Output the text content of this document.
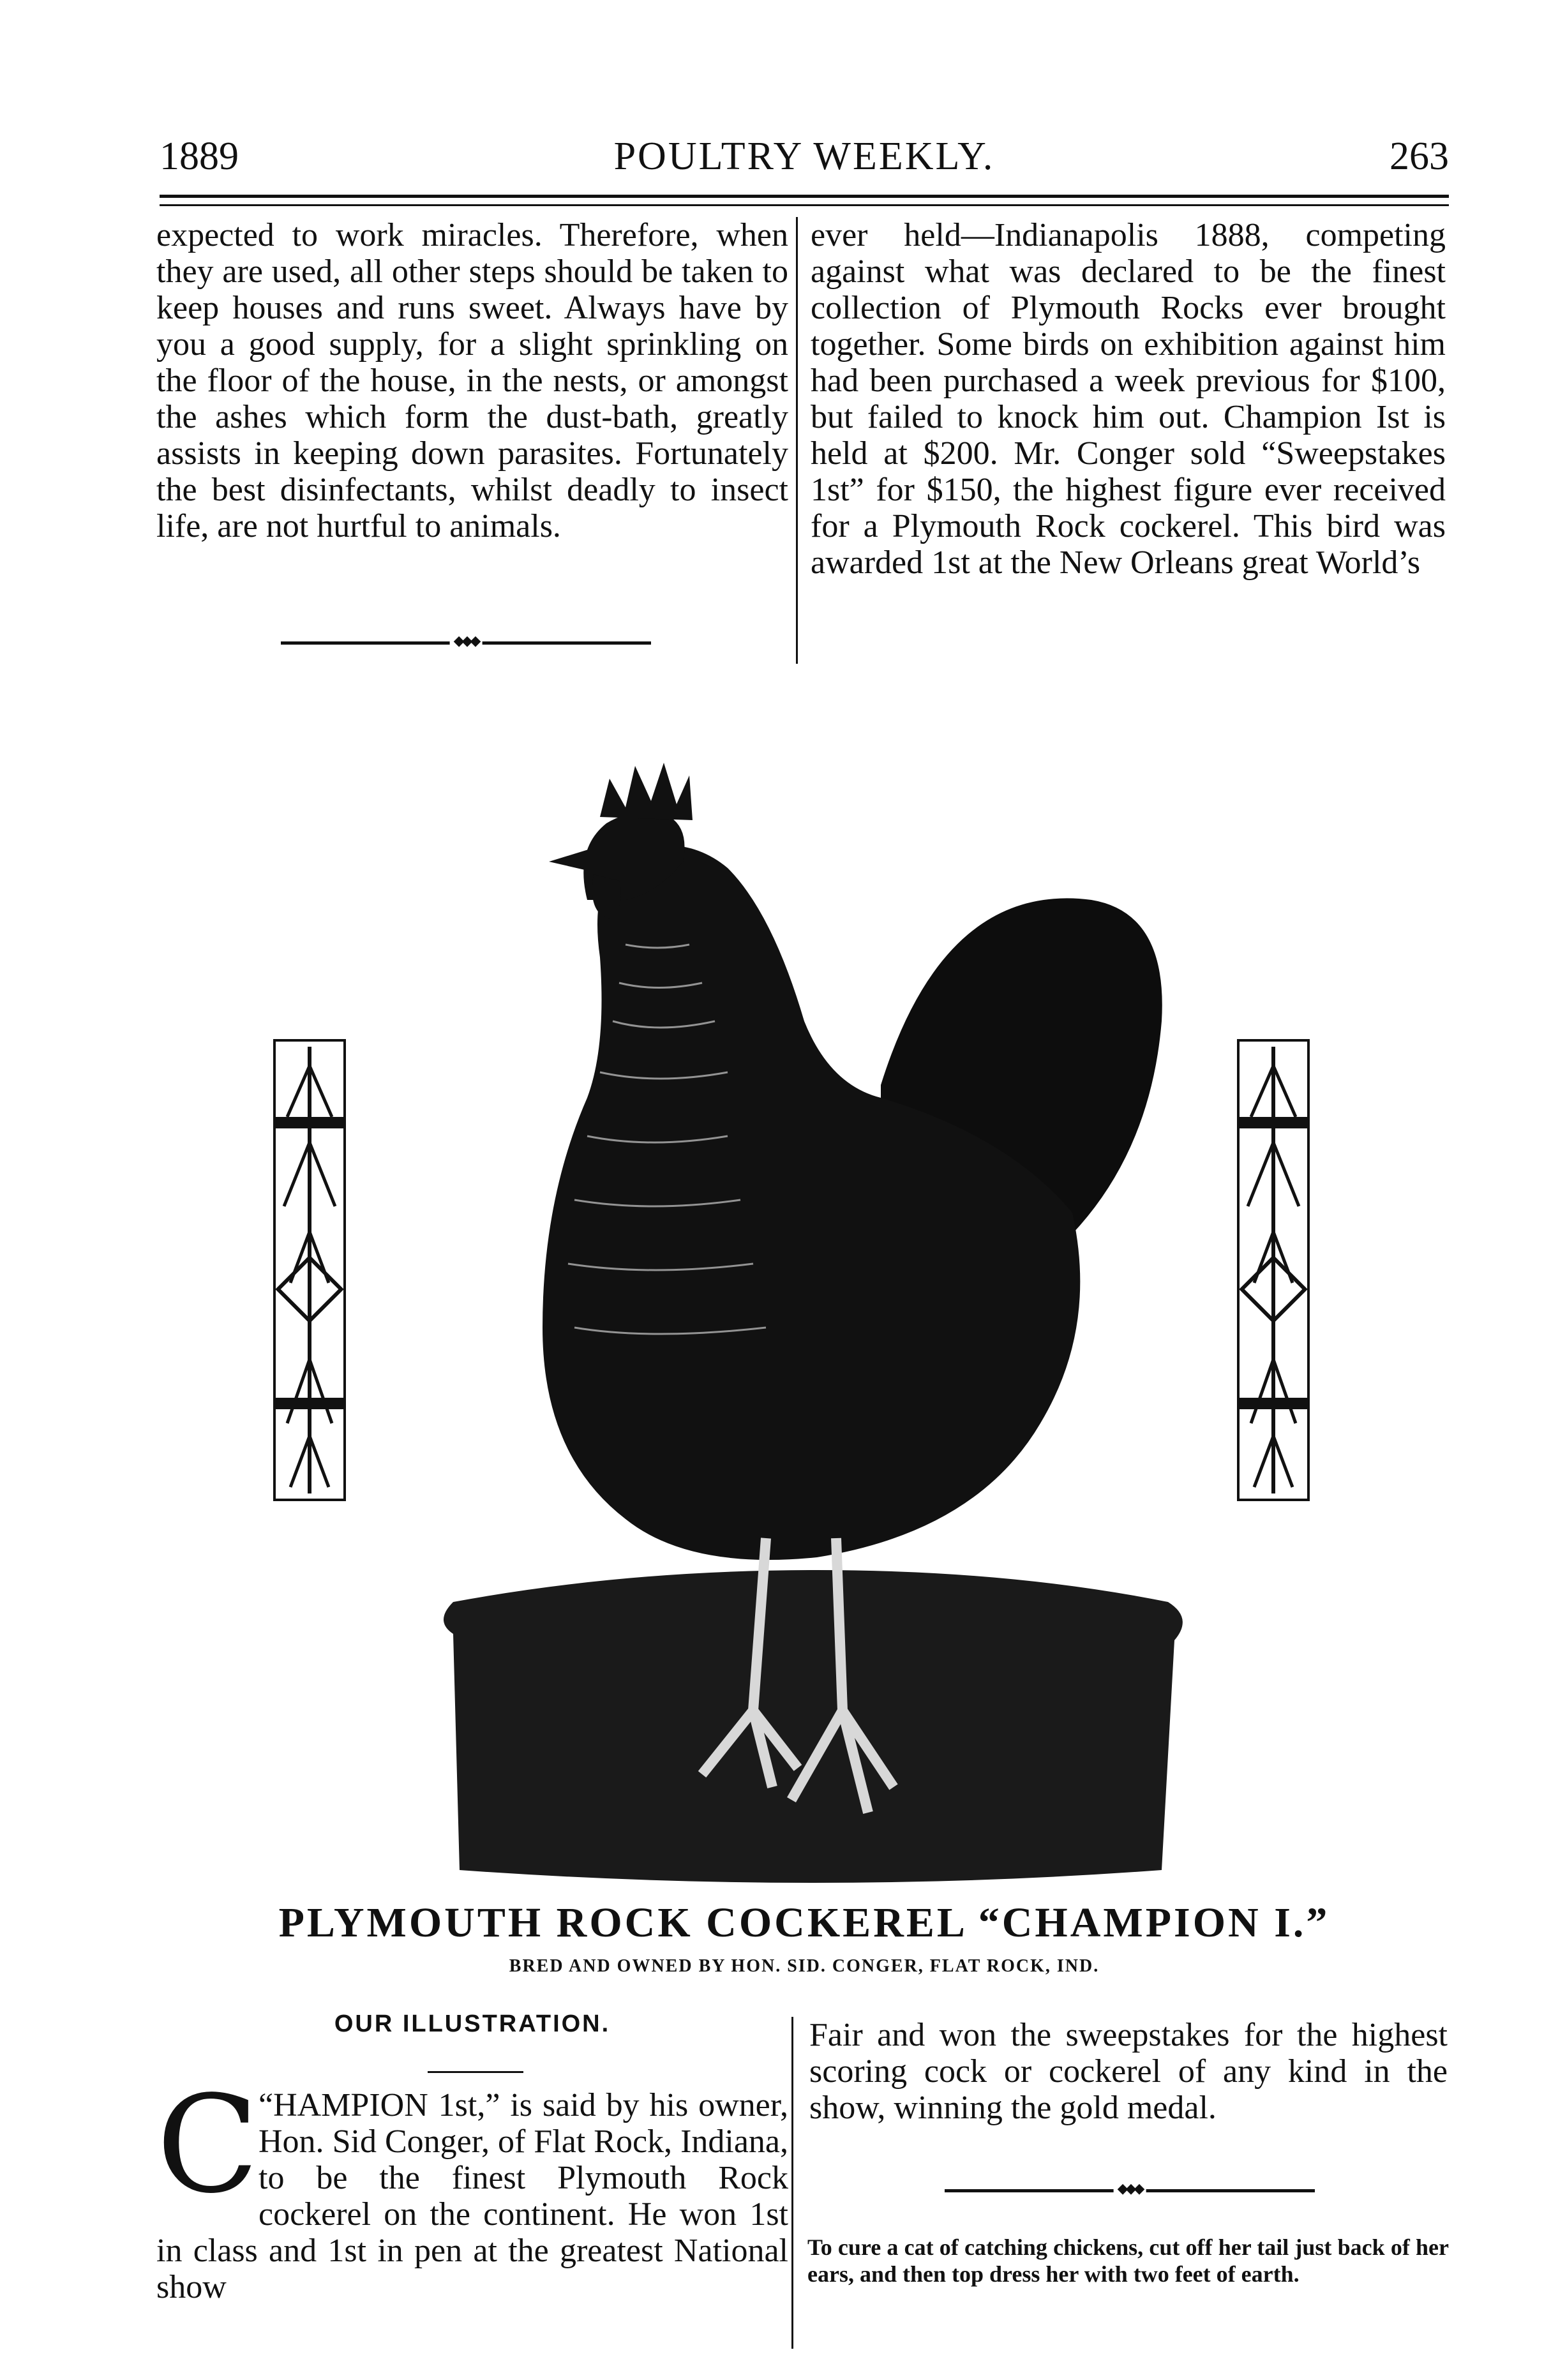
1889	POULTRY WEEKLY.	263

expected to work miracles. Therefore, when they are used, all other steps should be taken to keep houses and runs sweet. Always have by you a good supply, for a slight sprinkling on the floor of the house, in the nests, or amongst the ashes which form the dust-bath, greatly assists in keeping down parasites. Fortunately the best disinfectants, whilst deadly to insect life, are not hurtful to animals.

◆◆◆

ever held—Indianapolis 1888, competing against what was declared to be the finest collection of Plymouth Rocks ever brought together. Some birds on exhibition against him had been purchased a week previous for $100, but failed to knock him out. Champion Ist is held at $200. Mr. Conger sold “Sweepstakes 1st” for $150, the highest figure ever received for a Plymouth Rock cockerel. This bird was awarded 1st at the New Orleans great World’s

PLYMOUTH ROCK COCKEREL “CHAMPION I.”
BRED AND OWNED BY HON. SID. CONGER, FLAT ROCK, IND.
OUR ILLUSTRATION.
C “HAMPION 1st,” is said by his owner, Hon. Sid Conger, of Flat Rock, Indiana, to be the finest Plymouth Rock cockerel on the continent. He won 1st in class and 1st in pen at the greatest National show

Fair and won the sweepstakes for the highest scoring cock or cockerel of any kind in the show, winning the gold medal.

◆◆◆
To cure a cat of catching chickens, cut off her tail just back of her ears, and then top dress her with two feet of earth.
